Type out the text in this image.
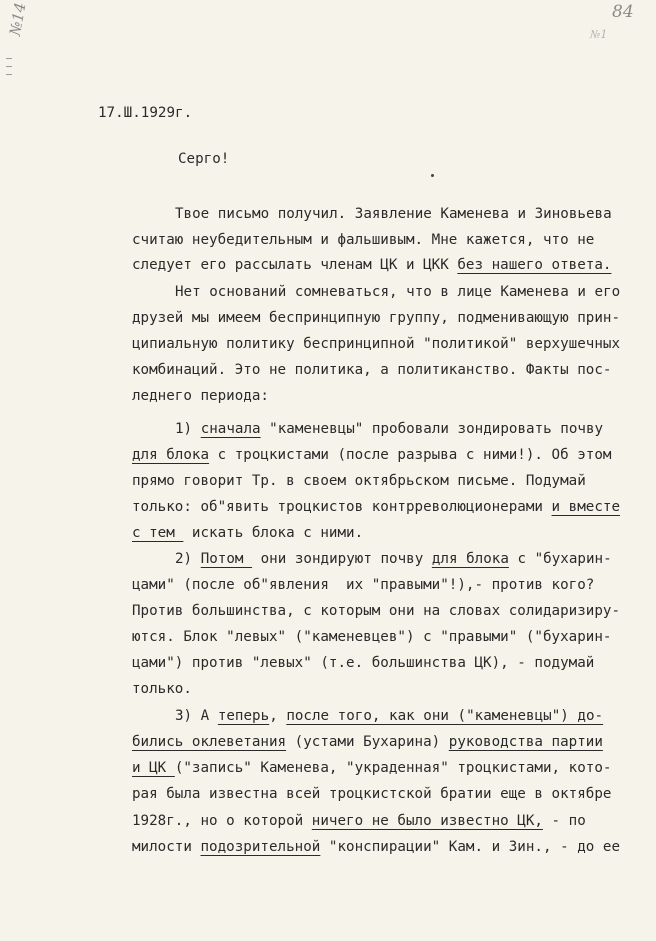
№14	84
№1
17.Ш.1929г.
Серго!
Твое письмо получил. Заявление Каменева и Зиновьева
считаю неубедительным и фальшивым. Мне кажется, что не
следует его рассылать членам ЦК и ЦКК без нашего ответа.
Нет оснований сомневаться, что в лице Каменева и его
друзей мы имеем беспринципную группу, подменивающую прин-
ципиальную политику беспринципной "политикой" верхушечных
комбинаций. Это не политика, а политиканство. Факты пос-
леднего периода:
1) сначала "каменевцы" пробовали зондировать почву
для блока с троцкистами (после разрыва с ними!). Об этом
прямо говорит Тр. в своем октябрьском письме. Подумай
только: об"явить троцкистов контрреволюционерами и вместе
с тем  искать блока с ними.
2) Потом  они зондируют почву для блока с "бухарин-
цами" (после об"явления  их "правыми"!),- против кого?
Против большинства, с которым они на словах солидаризиру-
ются. Блок "левых" ("каменевцев") с "правыми" ("бухарин-
цами") против "левых" (т.е. большинства ЦК), - подумай
только.
3) А теперь, после того, как они ("каменевцы") до-
бились оклеветания (устами Бухарина) руководства партии
и ЦК ("запись" Каменева, "украденная" троцкистами, кото-
рая была известна всей троцкистской братии еще в октябре
1928г., но о которой ничего не было известно ЦК, - по
милости подозрительной "конспирации" Кам. и Зин., - до ее
